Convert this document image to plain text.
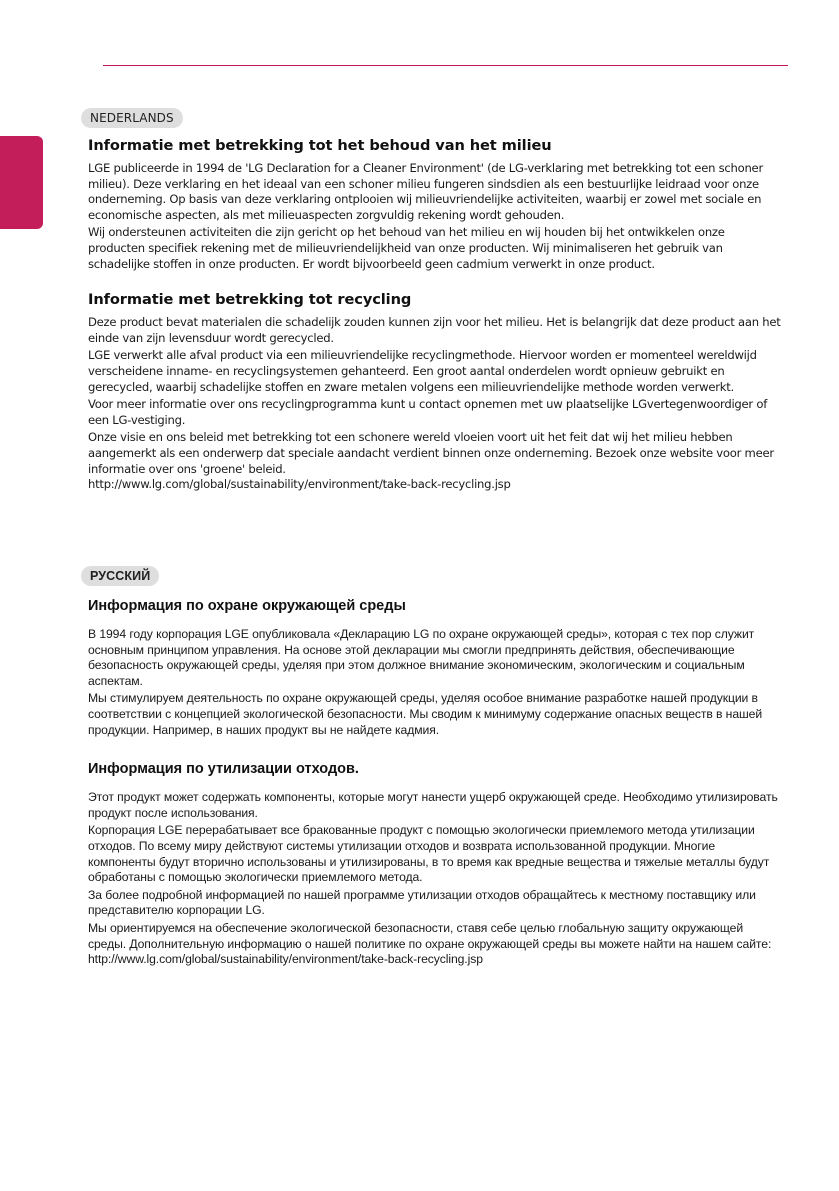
NEDERLANDS
Informatie met betrekking tot het behoud van het milieu

LGE publiceerde in 1994 de 'LG Declaration for a Cleaner Environment' (de LG-verklaring met betrekking tot een schoner milieu). Deze verklaring en het ideaal van een schoner milieu fungeren sindsdien als een bestuurlijke leidraad voor onze onderneming. Op basis van deze verklaring ontplooien wij milieuvriendelijke activiteiten, waarbij er zowel met sociale en economische aspecten, als met milieuaspecten zorgvuldig rekening wordt gehouden.

Wij ondersteunen activiteiten die zijn gericht op het behoud van het milieu en wij houden bij het ontwikkelen onze producten specifiek rekening met de milieuvriendelijkheid van onze producten. Wij minimaliseren het gebruik van schadelijke stoffen in onze producten. Er wordt bijvoorbeeld geen cadmium verwerkt in onze product.

Informatie met betrekking tot recycling

Deze product bevat materialen die schadelijk zouden kunnen zijn voor het milieu. Het is belangrijk dat deze product aan het einde van zijn levensduur wordt gerecycled.

LGE verwerkt alle afval product via een milieuvriendelijke recyclingmethode. Hiervoor worden er momenteel wereldwijd verscheidene inname- en recyclingsystemen gehanteerd. Een groot aantal onderdelen wordt opnieuw gebruikt en gerecycled, waarbij schadelijke stoffen en zware metalen volgens een milieuvriendelijke methode worden verwerkt.

Voor meer informatie over ons recyclingprogramma kunt u contact opnemen met uw plaatselijke LGvertegenwoordiger of een LG-vestiging.

Onze visie en ons beleid met betrekking tot een schonere wereld vloeien voort uit het feit dat wij het milieu hebben aangemerkt als een onderwerp dat speciale aandacht verdient binnen onze onderneming. Bezoek onze website voor meer informatie over ons 'groene' beleid.

http://www.lg.com/global/sustainability/environment/take-back-recycling.jsp

РУССКИЙ
Информация по охране окружающей среды

В 1994 году корпорация LGE опубликовала «Декларацию LG по охране окружающей среды», которая с тех пор служит основным принципом управления. На основе этой декларации мы смогли предпринять действия, обеспечивающие безопасность окружающей среды, уделяя при этом должное внимание экономическим, экологическим и социальным аспектам.

Мы стимулируем деятельность по охране окружающей среды, уделяя особое внимание разработке нашей продукции в соответствии с концепцией экологической безопасности. Мы сводим к минимуму содержание опасных веществ в нашей продукции. Например, в наших продукт вы не найдете кадмия.

Информация по утилизации отходов.

Этот продукт может содержать компоненты, которые могут нанести ущерб окружающей среде. Необходимо утилизировать продукт после использования.

Корпорация LGE перерабатывает все бракованные продукт с помощью экологически приемлемого метода утилизации отходов. По всему миру действуют системы утилизации отходов и возврата использованной продукции. Многие компоненты будут вторично использованы и утилизированы, в то время как вредные вещества и тяжелые металлы будут обработаны с помощью экологически приемлемого метода.

За более подробной информацией по нашей программе утилизации отходов обращайтесь к местному поставщику или представителю корпорации LG.

Мы ориентируемся на обеспечение экологической безопасности, ставя себе целью глобальную защиту окружающей среды. Дополнительную информацию о нашей политике по охране окружающей среды вы можете найти на нашем сайте: http://www.lg.com/global/sustainability/environment/take-back-recycling.jsp
